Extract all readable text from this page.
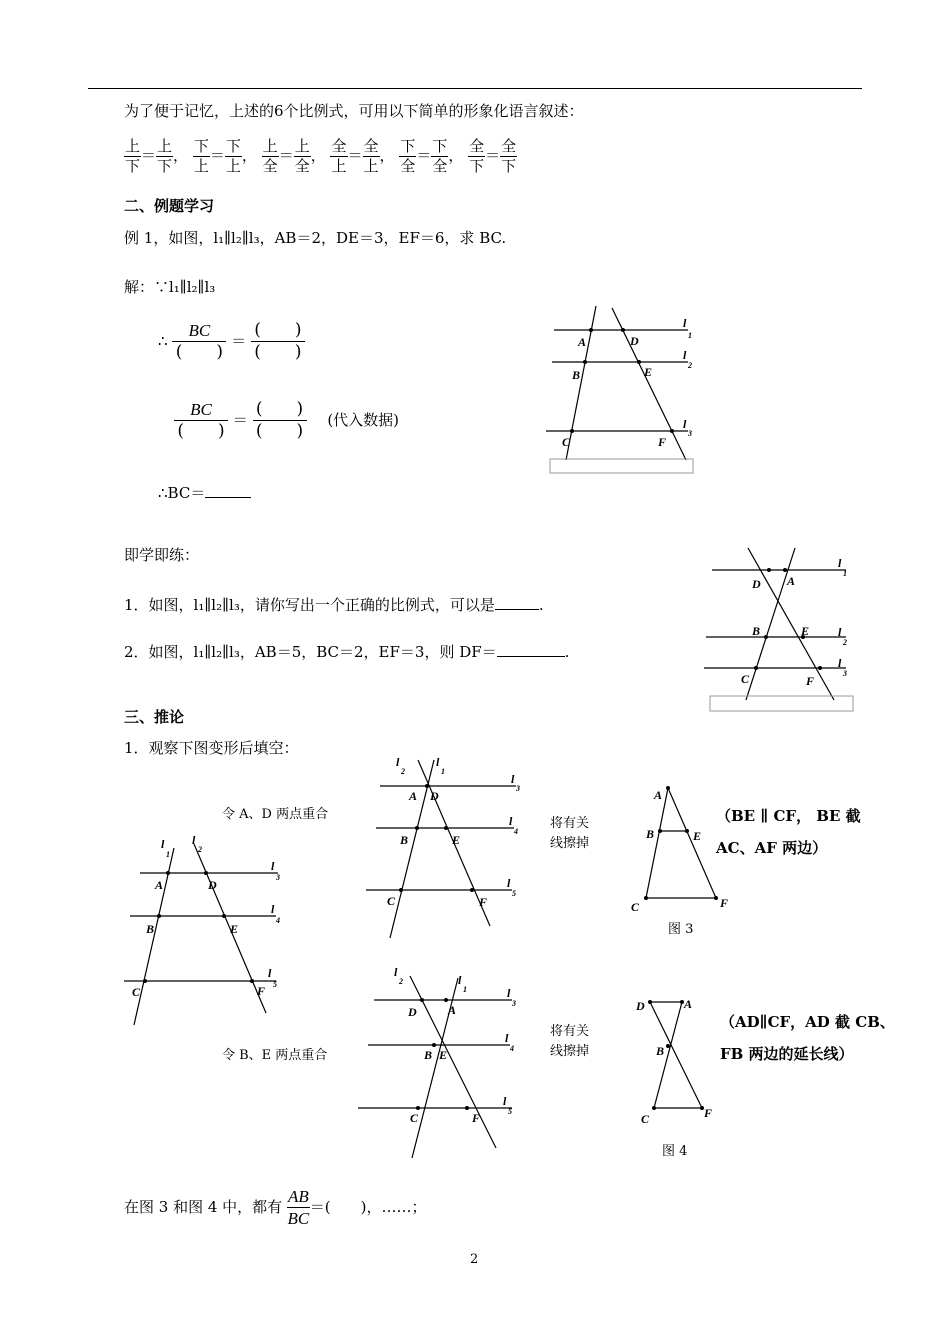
为了便于记忆，上述的6个比例式，可用以下简单的形象化语言叙述：
$\frac{\text{上}}{\text{下}} = \frac{\text{上}}{\text{下}}$ ， $\frac{\text{下}}{\text{上}} = \frac{\text{下}}{\text{上}}$ ， $\frac{\text{上}}{\text{全}} = \frac{\text{上}}{\text{全}}$ ， $\frac{\text{全}}{\text{上}} = \frac{\text{全}}{\text{上}}$ ， $\frac{\text{下}}{\text{全}} = \frac{\text{下}}{\text{全}}$ ， $\frac{\text{全}}{\text{下}} = \frac{\text{全}}{\text{下}}$
二、例题学习
例 1，如图，l₁∥l₂∥l₃，AB＝2，DE＝3，EF＝6，求 BC.
解：∵l₁∥l₂∥l₃
∴ $\frac{BC}{( )} = \frac{( )}{( )}$
$\frac{BC}{( )} = \frac{( )}{( )}$ (代入数据)
∴BC＝
A	D
B	E
C	F
l
1
l
2
l
3
即学即练：
1．如图，l₁∥l₂∥l₃，请你写出一个正确的比例式，可以是	.
2．如图，l₁∥l₂∥l₃，AB＝5，BC＝2，EF＝3，则 DF＝	.
D A
B	E
C	F
l
1
l
2
l
3
三、推论
1．观察下图变形后填空：
令 A、D 两点重合
令 B、E 两点重合
将有关
线擦掉
将有关
线擦掉
l
1
l
2
A	D
B	E
C	F
l
3
l
4
l
5
l
2
l
1
A D
B	E
C	F
l
3
l
4
l
5
l
2	l
1
D	A
B E
C	F
l
3
l
4
l
5
A
B	E
C	F
图 3
（BE ∥ CF， BE 截
AC、AF 两边）
D	A
B
C	F
图 4
（AD∥CF，AD 截 CB、
FB 两边的延长线）
在图 3 和图 4 中，都有 $\frac{AB}{BC}$ ＝(　　)，……；
2
